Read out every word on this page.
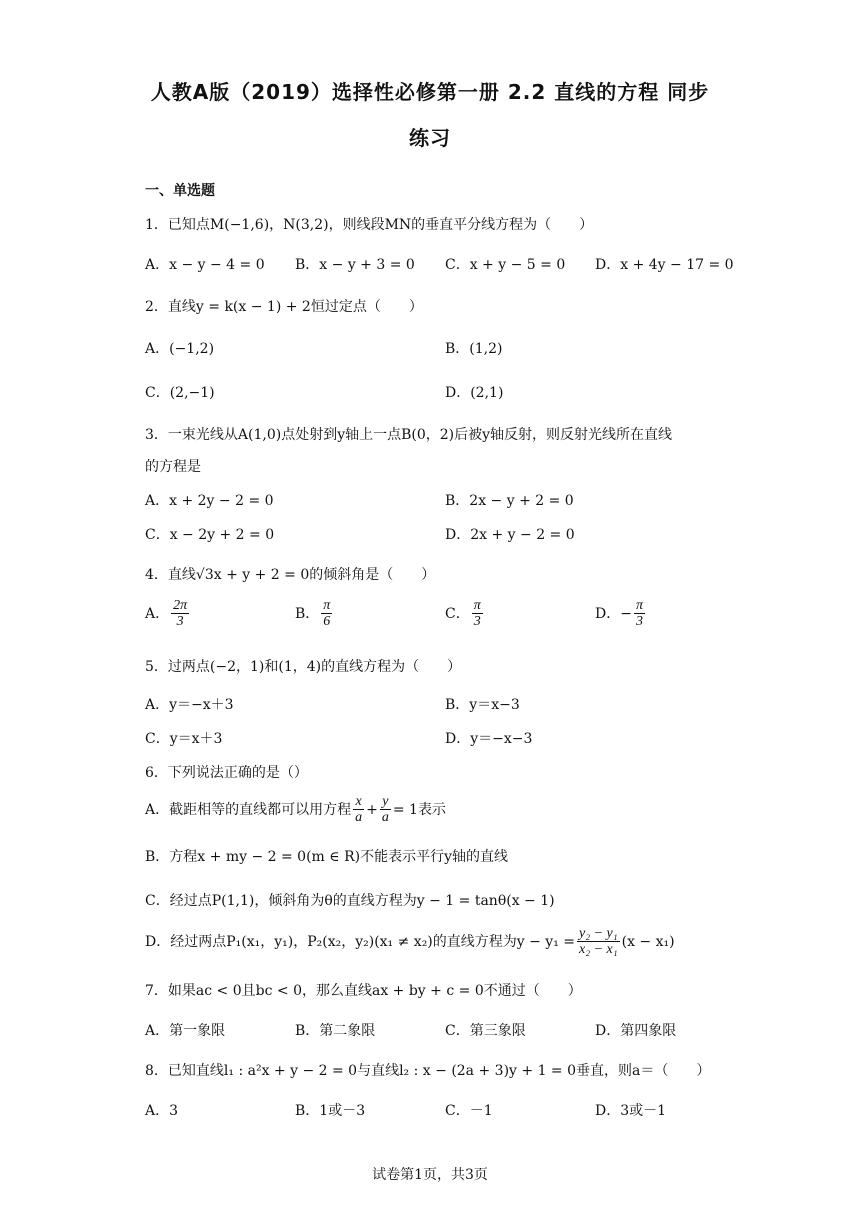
人教A版（2019）选择性必修第一册 2.2 直线的方程 同步
练习
一、单选题
1．已知点M(−1,6)，N(3,2)，则线段MN的垂直平分线方程为（　　）
A．x − y − 4 = 0 B．x − y + 3 = 0 C．x + y − 5 = 0 D．x + 4y − 17 = 0
2．直线y = k(x − 1) + 2恒过定点（　　）
A．(−1,2)	B．(1,2)
C．(2,−1)	D．(2,1)
3．一束光线从A(1,0)点处射到y轴上一点B(0，2)后被y轴反射，则反射光线所在直线
的方程是
A．x + 2y − 2 = 0	B．2x − y + 2 = 0
C．x − 2y + 2 = 0	D．2x + y − 2 = 0
4．直线√3x + y + 2 = 0的倾斜角是（　　）
A． $\frac{2\pi}{3}$	B． $\frac{\pi}{6}$	C． $\frac{\pi}{3}$	D．− $\frac{\pi}{3}$
5．过两点(−2，1)和(1，4)的直线方程为（　　）
A．y＝−x＋3	B．y＝x−3
C．y＝x＋3	D．y＝−x−3
6．下列说法正确的是（）
A．截距相等的直线都可以用方程 $\frac{x}{a} + \frac{y}{a} = 1$表示
B．方程x + my − 2 = 0(m ∈ R)不能表示平行y轴的直线
C．经过点P(1,1)，倾斜角为θ的直线方程为y − 1 = tanθ(x − 1)
D．经过两点P₁(x₁，y₁)，P₂(x₂，y₂)(x₁ ≠ x₂)的直线方程为$y - y_1 = \frac{\text{y₂ − y₁}}{\text{x₂ − x₁}} (x - x_1)$
7．如果ac < 0且bc < 0，那么直线ax + by + c = 0不通过（　　）
A．第一象限	B．第二象限	C．第三象限	D．第四象限
8．已知直线l₁ : a²x + y − 2 = 0与直线l₂ : x − (2a + 3)y + 1 = 0垂直，则a＝（　　）
A．3	B．1或－3	C．－1	D．3或－1
试卷第1页，共3页
